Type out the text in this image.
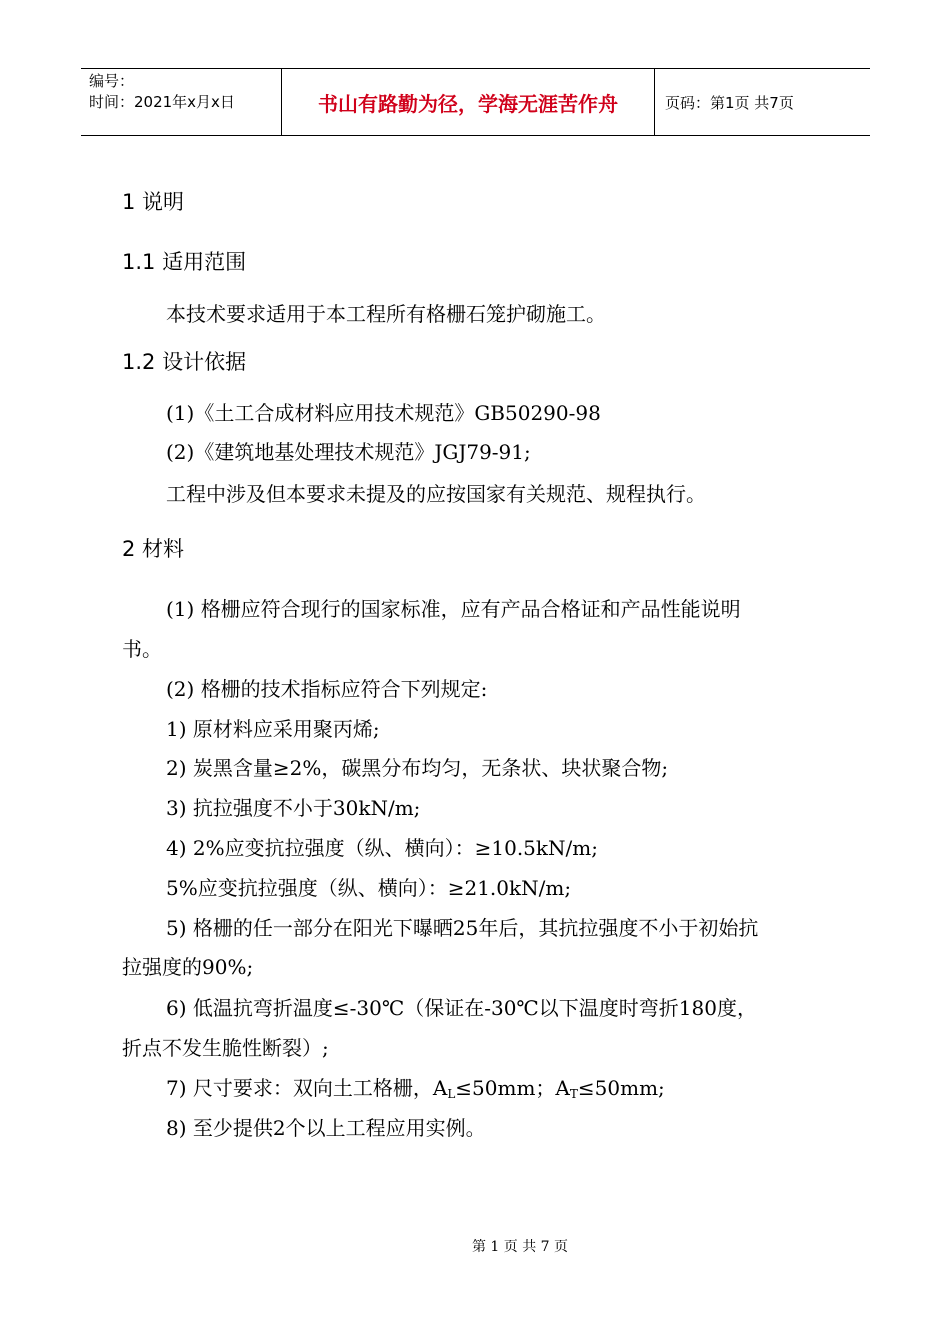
编号：
时间：2021年x月x日	书山有路勤为径，学海无涯苦作舟	页码：第1页 共7页
1 说明
1.1 适用范围
本技术要求适用于本工程所有格栅石笼护砌施工。
1.2 设计依据
(1)《土工合成材料应用技术规范》GB50290-98
(2)《建筑地基处理技术规范》JGJ79-91;
工程中涉及但本要求未提及的应按国家有关规范、规程执行。
2 材料
(1) 格栅应符合现行的国家标准，应有产品合格证和产品性能说明
书。
(2) 格栅的技术指标应符合下列规定:
1) 原材料应采用聚丙烯;
2) 炭黑含量≥2%，碳黑分布均匀，无条状、块状聚合物;
3) 抗拉强度不小于30kN/m;
4) 2%应变抗拉强度（纵、横向）：≥10.5kN/m;
5%应变抗拉强度（纵、横向）：≥21.0kN/m;
5) 格栅的任一部分在阳光下曝晒25年后，其抗拉强度不小于初始抗
拉强度的90%;
6) 低温抗弯折温度≤-30℃（保证在-30℃以下温度时弯折180度，
折点不发生脆性断裂）;
7) 尺寸要求：双向土工格栅，$A_L\le 50mm$；$A_T\le 50mm$;
8) 至少提供2个以上工程应用实例。
第 1 页 共 7 页
